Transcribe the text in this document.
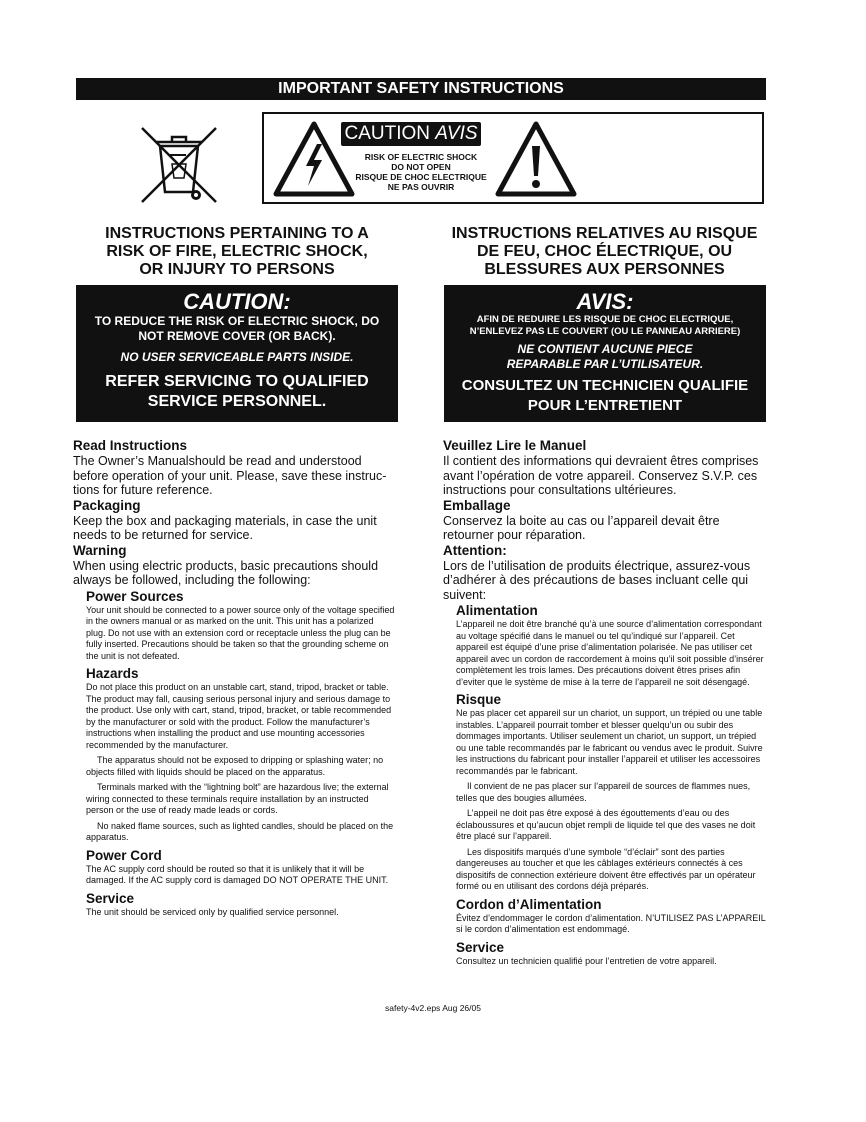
IMPORTANT SAFETY INSTRUCTIONS
CAUTION AVIS
RISK OF ELECTRIC SHOCK
DO NOT OPEN
RISQUE DE CHOC ELECTRIQUE
NE PAS OUVRIR
INSTRUCTIONS PERTAINING TO A
RISK OF FIRE, ELECTRIC SHOCK,
OR INJURY TO PERSONS
INSTRUCTIONS RELATIVES AU RISQUE
DE FEU, CHOC ÉLECTRIQUE, OU
BLESSURES AUX PERSONNES
CAUTION:
TO REDUCE THE RISK OF ELECTRIC SHOCK, DO
NOT REMOVE COVER (OR BACK).
NO USER SERVICEABLE PARTS INSIDE.
REFER SERVICING TO QUALIFIED
SERVICE PERSONNEL.
AVIS:
AFIN DE REDUIRE LES RISQUE DE CHOC ELECTRIQUE,
N’ENLEVEZ PAS LE COUVERT (OU LE PANNEAU ARRIERE)
NE CONTIENT AUCUNE PIECE
REPARABLE PAR L’UTILISATEUR.
CONSULTEZ UN TECHNICIEN QUALIFIE
POUR L’ENTRETIENT
Read Instructions

The Owner’s Manualshould be read and understood before operation of your unit. Please, save these instruc-tions for future reference.

Packaging

Keep the box and packaging materials, in case the unit needs to be returned for service.

Warning

When using electric products, basic precautions should always be followed, including the following:

Power Sources

Your unit should be connected to a power source only of the voltage specified in the owners manual or as marked on the unit. This unit has a polarized plug. Do not use with an extension cord or receptacle unless the plug can be fully inserted. Precautions should be taken so that the grounding scheme on the unit is not defeated.

Hazards

Do not place this product on an unstable cart, stand, tripod, bracket or table. The product may fall, causing serious personal injury and serious damage to the product. Use only with cart, stand, tripod, bracket, or table recommended by the manufacturer or sold with the product. Follow the manufacturer’s instructions when installing the product and use mounting accessories recommended by the manufacturer.

The apparatus should not be exposed to dripping or splashing water; no objects filled with liquids should be placed on the apparatus.

Terminals marked with the “lightning bolt” are hazardous live; the external wiring connected to these terminals require installation by an instructed person or the use of ready made leads or cords.

No naked flame sources, such as lighted candles, should be placed on the apparatus.

Power Cord

The AC supply cord should be routed so that it is unlikely that it will be damaged. If the AC supply cord is damaged DO NOT OPERATE THE UNIT.

Service

The unit should be serviced only by qualified service personnel.

Veuillez Lire le Manuel

Il contient des informations qui devraient êtres comprises avant l’opération de votre appareil. Conservez S.V.P. ces instructions pour consultations ultérieures.

Emballage

Conservez la boite au cas ou l’appareil devait être retourner pour réparation.

Attention:

Lors de l’utilisation de produits électrique, assurez-vous d’adhérer à des précautions de bases incluant celle qui suivent:

Alimentation

L’appareil ne doit être branché qu’à une source d’alimentation correspondant au voltage spécifié dans le manuel ou tel qu’indiqué sur l’appareil. Cet appareil est équipé d’une prise d’alimentation polarisée. Ne pas utiliser cet appareil avec un cordon de raccordement à moins qu’il soit possible d’insérer complètement les trois lames. Des précautions doivent êtres prises afin d’eviter que le système de mise à la terre de l’appareil ne soit désengagé.

Risque

Ne pas placer cet appareil sur un chariot, un support, un trépied ou une table instables. L’appareil pourrait tomber et blesser quelqu’un ou subir des dommages importants. Utiliser seulement un chariot, un support, un trépied ou une table recommandés par le fabricant ou vendus avec le produit. Suivre les instructions du fabricant pour installer l’appareil et utiliser les accessoires recommandés par le fabricant.

Il convient de ne pas placer sur l’appareil de sources de flammes nues, telles que des bougies allumées.

L’appeil ne doit pas être exposé à des égouttements d’eau ou des éclaboussures et qu’aucun objet rempli de liquide tel que des vases ne doit être placé sur l’appareil.

Les dispositifs marqués d’une symbole “d’éclair” sont des parties dangereuses au toucher et que les câblages extérieurs connectés à ces dispositifs de connection extérieure doivent être effectivés par un opérateur formé ou en utilisant des cordons déjà préparés.

Cordon d’Alimentation

Évitez d’endommager le cordon d’alimentation. N’UTILISEZ PAS L’APPAREIL si le cordon d’alimentation est endommagé.

Service

Consultez un technicien qualifié pour l’entretien de votre appareil.

safety-4v2.eps Aug 26/05
